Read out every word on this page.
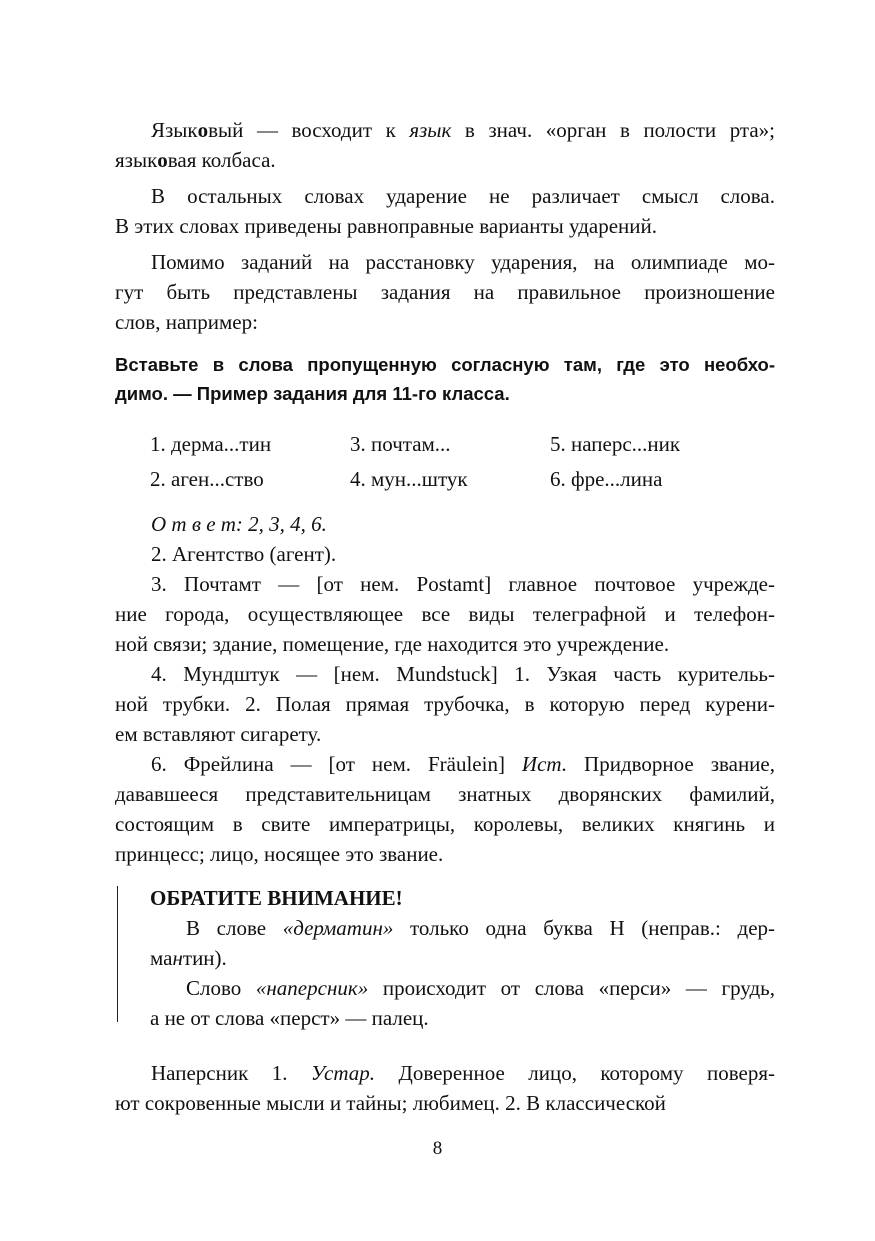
Языковый — восходит к язык в знач. «орган в полости рта»;
языковая колбаса.
В остальных словах ударение не различает смысл слова.
В этих словах приведены равноправные варианты ударений.
Помимо заданий на расстановку ударения, на олимпиаде мо-
гут быть представлены задания на правильное произношение
слов, например:
Вставьте в слова пропущенную согласную там, где это необхо-
димо. — Пример задания для 11-го класса.
1. дерма...тин	3. почтам...	5. наперс...ник
2. аген...ство	4. мун...штук	6. фре...лина
О т в е т: 2, 3, 4, 6.
2. Агентство (агент).
3. Почтамт — [от нем. Postamt] главное почтовое учрежде-
ние города, осуществляющее все виды телеграфной и телефон-
ной связи; здание, помещение, где находится это учреждение.
4. Мундштук — [нем. Mundstuck] 1. Узкая часть курительь-
ной трубки. 2. Полая прямая трубочка, в которую перед курени-
ем вставляют сигарету.
6. Фрейлина — [от нем. Fräulein] Ист. Придворное звание,
дававшееся представительницам знатных дворянских фамилий,
состоящим в свите императрицы, королевы, великих княгинь и
принцесс; лицо, носящее это звание.
ОБРАТИТЕ ВНИМАНИЕ!
В слове «дерматин» только одна буква Н (неправ.: дер-
мантин).
Слово «наперсник» происходит от слова «перси» — грудь,
а не от слова «перст» — палец.
Наперсник 1. Устар. Доверенное лицо, которому поверя-
ют сокровенные мысли и тайны; любимец. 2. В классической
8
